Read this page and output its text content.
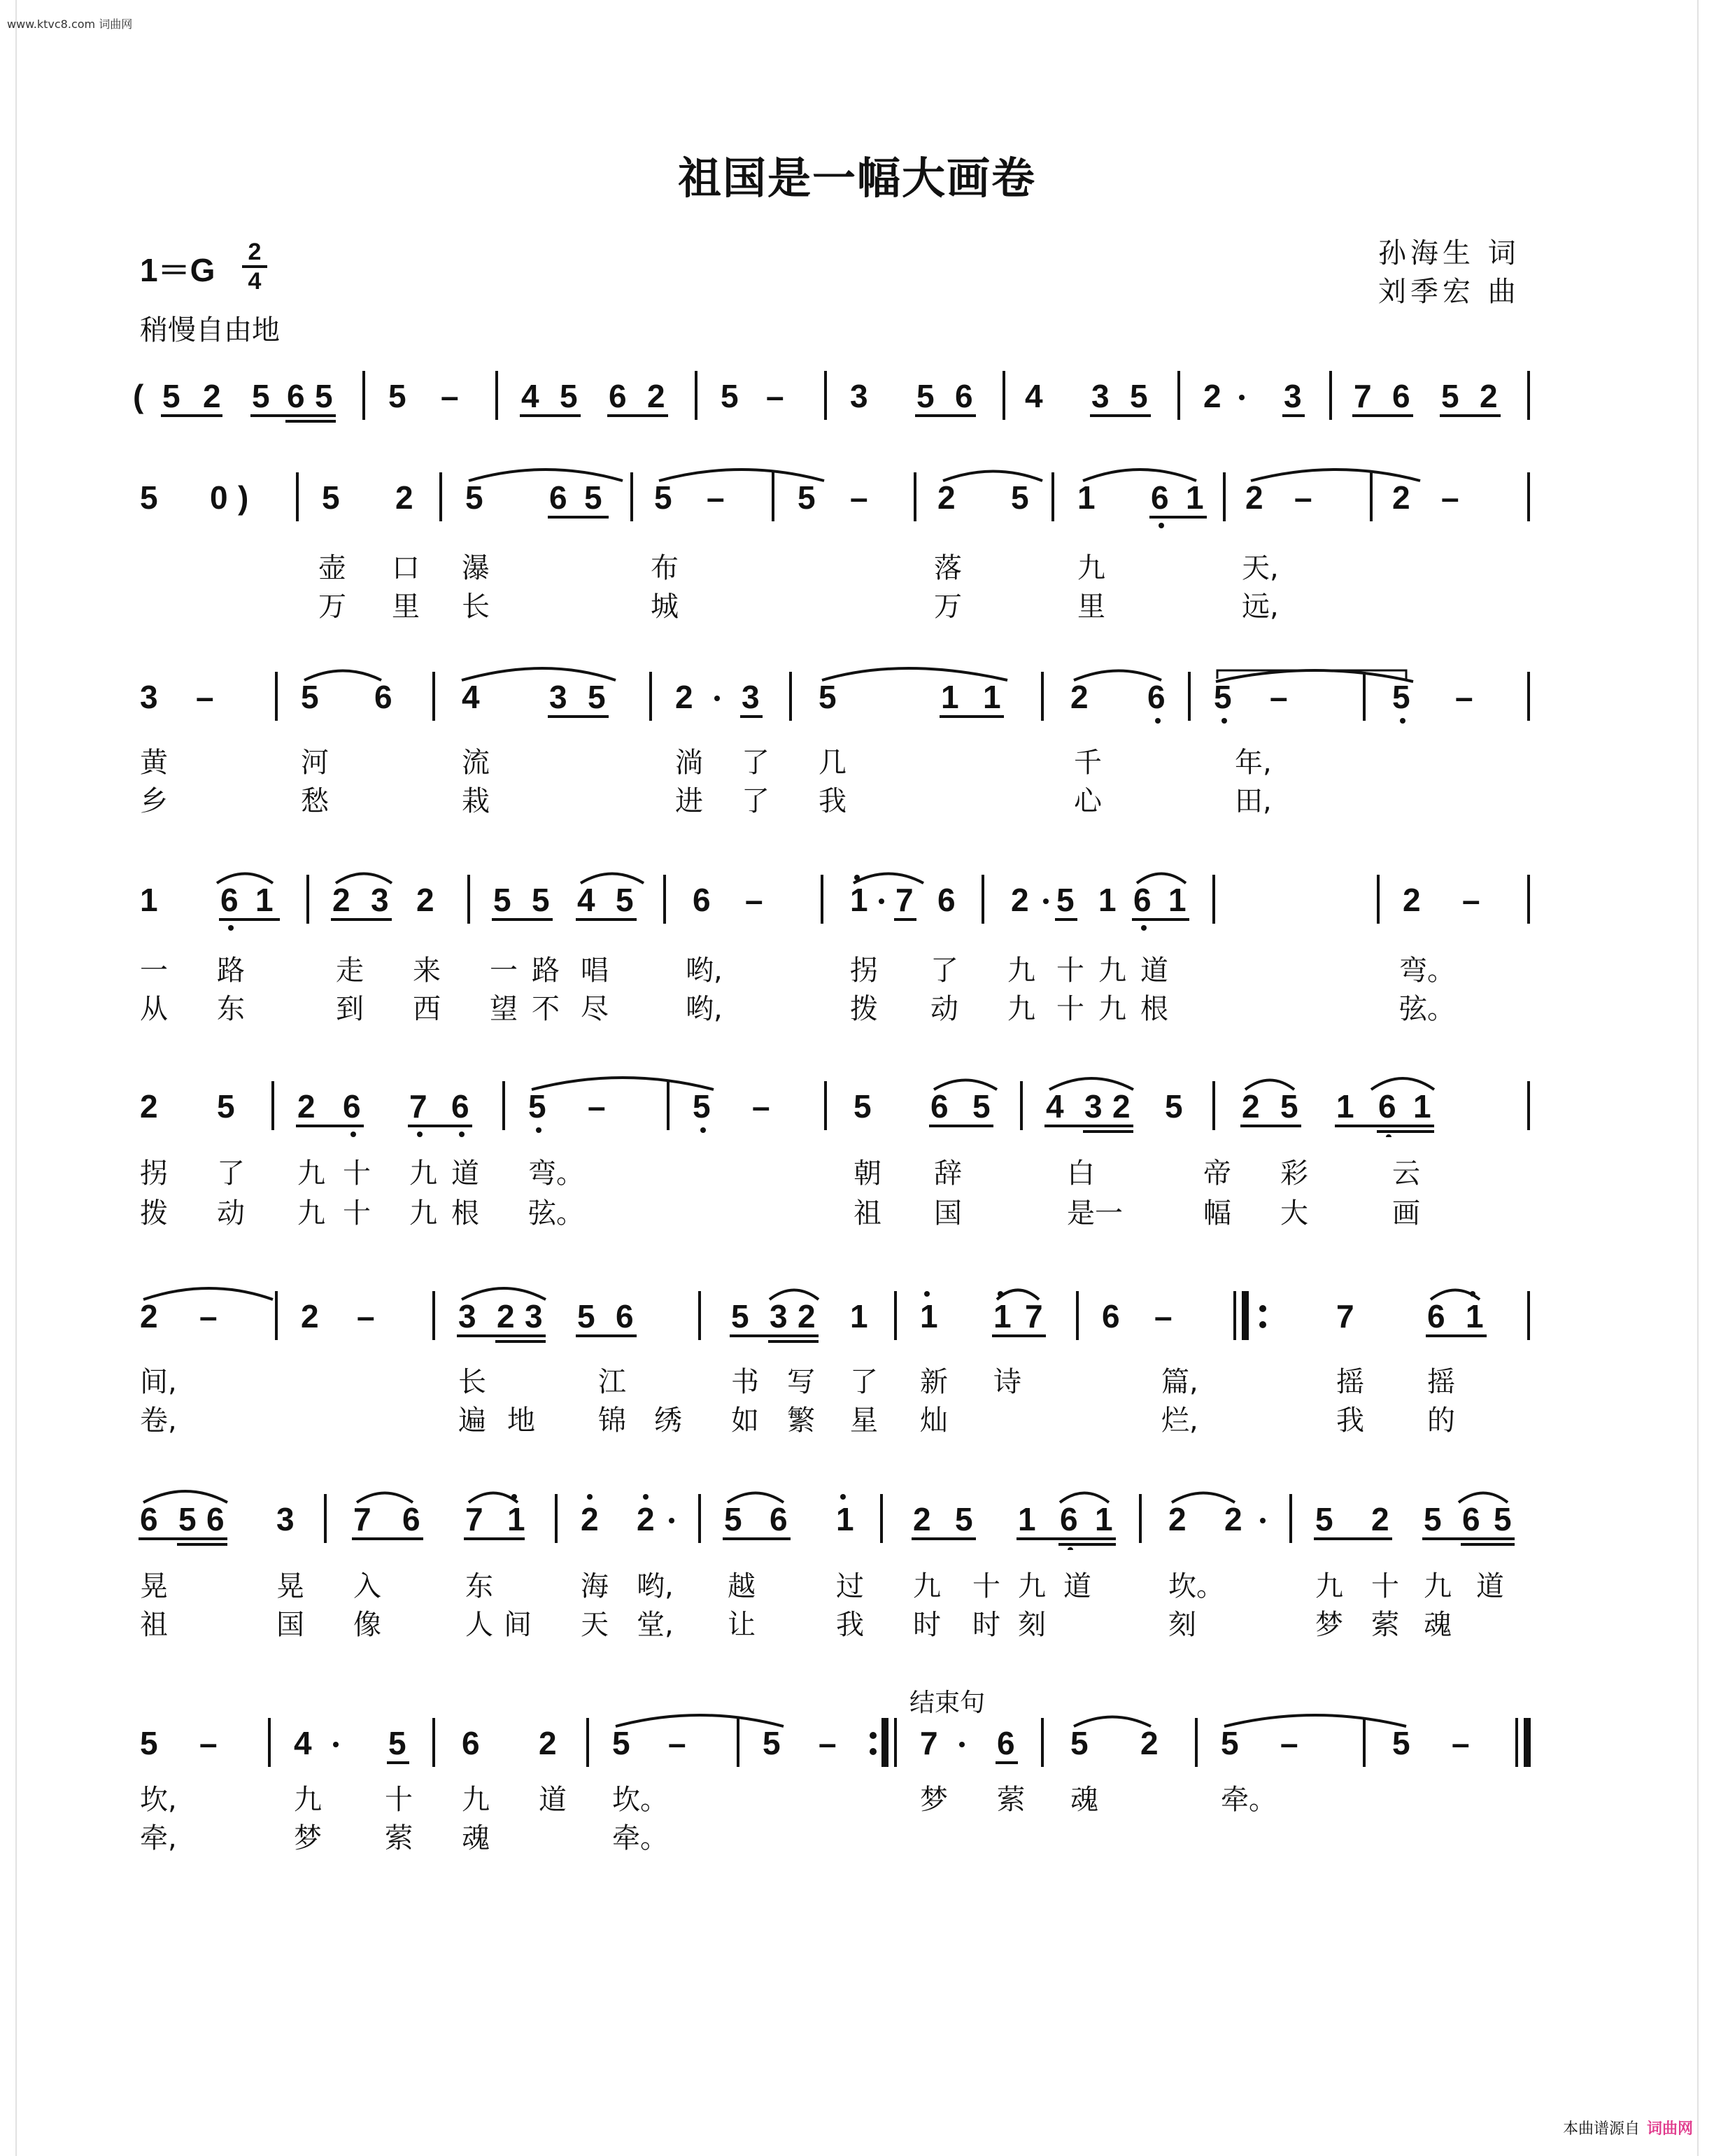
www.ktvc8.com 词曲网
祖国是一幅大画卷
1＝G	2
4
稍慢自由地
孙海生 词
刘季宏 曲
( 5 2 5 6 5 5 – 4 5 6 2 5 – 3 5 6 4 3 5 2 3 7 6 5 2
5 0 ) 5 2 5 6 5 5 – 5 – 2 5 1 6 1 2 – 2 –
壶 口 瀑	布	落	九	天,
万 里 长	城	万	里	远,
3 –	5 6 4 3 5 2 3 5	1 1 2 6 5 –	5 –
黄	河	流	淌 了 几	千	年,
乡	愁	栽	进 了 我	心	田,
1 6 1 2 3 2 5 5 4 5 6 –	1 7 6 2 5 1 6 1	2 –
一 路	走 来 一 路 唱	哟,	拐 了 九 十 九 道	弯。
从 东	到 西 望 不 尽	哟,	拨 动 九 十 九 根	弦。
2 5 2 6 7 6 5 –	5 –	5 6 5 4 3 2 5 2 5 1 6 1
拐 了 九 十 九 道 弯。	朝 辞	白	帝 彩	云
拨 动 九 十 九 根 弦。	祖 国	是一	幅 大	画
2 –	2 –	3 2 3 5 6	5 3 2 1 1 1 7 6 –	7 6 1
间,	长	江	书 写 了 新 诗	篇,	摇 摇
卷,	遍 地 锦 绣 如 繁 星 灿	烂,	我 的
6 5 6 3 7 6 7 1 2 2 5 6 1 2 5 1 6 1 2 2 5 2 5 6 5
晃	晃 入	东	海 哟, 越	过 九 十 九 道	坎。	九 十 九 道
祖	国 像	人 间 天 堂, 让	我 时 时 刻	刻	梦 萦 魂
结束句
5 – 4 5 6 2 5 – 5 –	7 6 5 2 5 –	5 –
坎,	九 十 九 道 坎。	梦 萦 魂	牵。
牵,	梦 萦 魂	牵。
本曲谱源自 词曲网
